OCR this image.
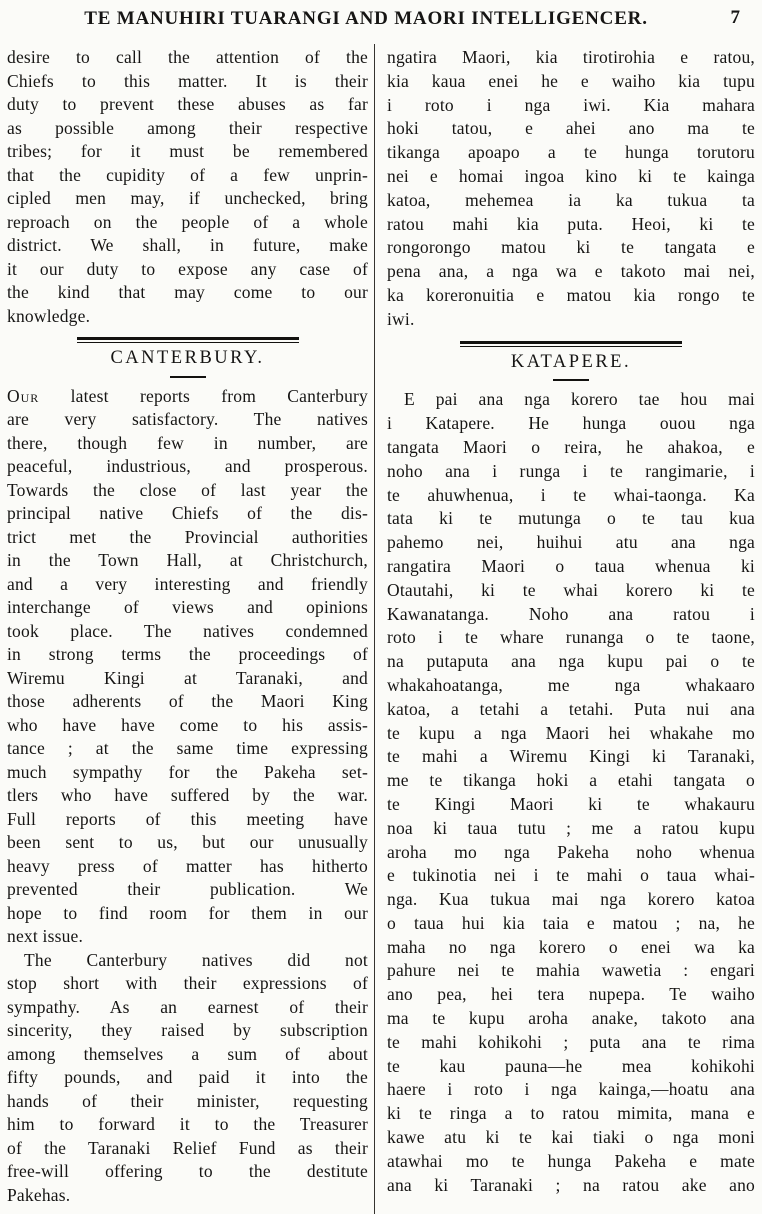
TE MANUHIRI TUARANGI AND MAORI INTELLIGENCER.	7
desire to call the attention of the
Chiefs to this matter. It is their
duty to prevent these abuses as far
as possible among their respective
tribes; for it must be remembered
that the cupidity of a few unprin-
cipled men may, if unchecked, bring
reproach on the people of a whole
district. We shall, in future, make
it our duty to expose any case of
the kind that may come to our
knowledge.
CANTERBURY.
Our latest reports from Canterbury
are very satisfactory. The natives
there, though few in number, are
peaceful, industrious, and prosperous.
Towards the close of last year the
principal native Chiefs of the dis-
trict met the Provincial authorities
in the Town Hall, at Christchurch,
and a very interesting and friendly
interchange of views and opinions
took place. The natives condemned
in strong terms the proceedings of
Wiremu Kingi at Taranaki, and
those adherents of the Maori King
who have have come to his assis-
tance ; at the same time expressing
much sympathy for the Pakeha set-
tlers who have suffered by the war.
Full reports of this meeting have
been sent to us, but our unusually
heavy press of matter has hitherto
prevented their publication. We
hope to find room for them in our
next issue.
The Canterbury natives did not
stop short with their expressions of
sympathy. As an earnest of their
sincerity, they raised by subscription
among themselves a sum of about
fifty pounds, and paid it into the
hands of their minister, requesting
him to forward it to the Treasurer
of the Taranaki Relief Fund as their
free-will offering to the destitute
Pakehas.
ngatira Maori, kia tirotirohia e ratou,
kia kaua enei he e waiho kia tupu
i roto i nga iwi. Kia mahara
hoki tatou, e ahei ano ma te
tikanga apoapo a te hunga torutoru
nei e homai ingoa kino ki te kainga
katoa, mehemea ia ka tukua ta
ratou mahi kia puta. Heoi, ki te
rongorongo matou ki te tangata e
pena ana, a nga wa e takoto mai nei,
ka koreronuitia e matou kia rongo te
iwi.
KATAPERE.
E pai ana nga korero tae hou mai
i Katapere. He hunga ouou nga
tangata Maori o reira, he ahakoa, e
noho ana i runga i te rangimarie, i
te ahuwhenua, i te whai-taonga. Ka
tata ki te mutunga o te tau kua
pahemo nei, huihui atu ana nga
rangatira Maori o taua whenua ki
Otautahi, ki te whai korero ki te
Kawanatanga. Noho ana ratou i
roto i te whare runanga o te taone,
na putaputa ana nga kupu pai o te
whakahoatanga, me nga whakaaro
katoa, a tetahi a tetahi. Puta nui ana
te kupu a nga Maori hei whakahe mo
te mahi a Wiremu Kingi ki Taranaki,
me te tikanga hoki a etahi tangata o
te Kingi Maori ki te whakauru
noa ki taua tutu ; me a ratou kupu
aroha mo nga Pakeha noho whenua
e tukinotia nei i te mahi o taua whai-
nga. Kua tukua mai nga korero katoa
o taua hui kia taia e matou ; na, he
maha no nga korero o enei wa ka
pahure nei te mahia wawetia : engari
ano pea, hei tera nupepa. Te waiho
ma te kupu aroha anake, takoto ana
te mahi kohikohi ; puta ana te rima
te kau pauna—he mea kohikohi
haere i roto i nga kainga,—hoatu ana
ki te ringa a to ratou mimita, mana e
kawe atu ki te kai tiaki o nga moni
atawhai mo te hunga Pakeha e mate
ana ki Taranaki ; na ratou ake ano
